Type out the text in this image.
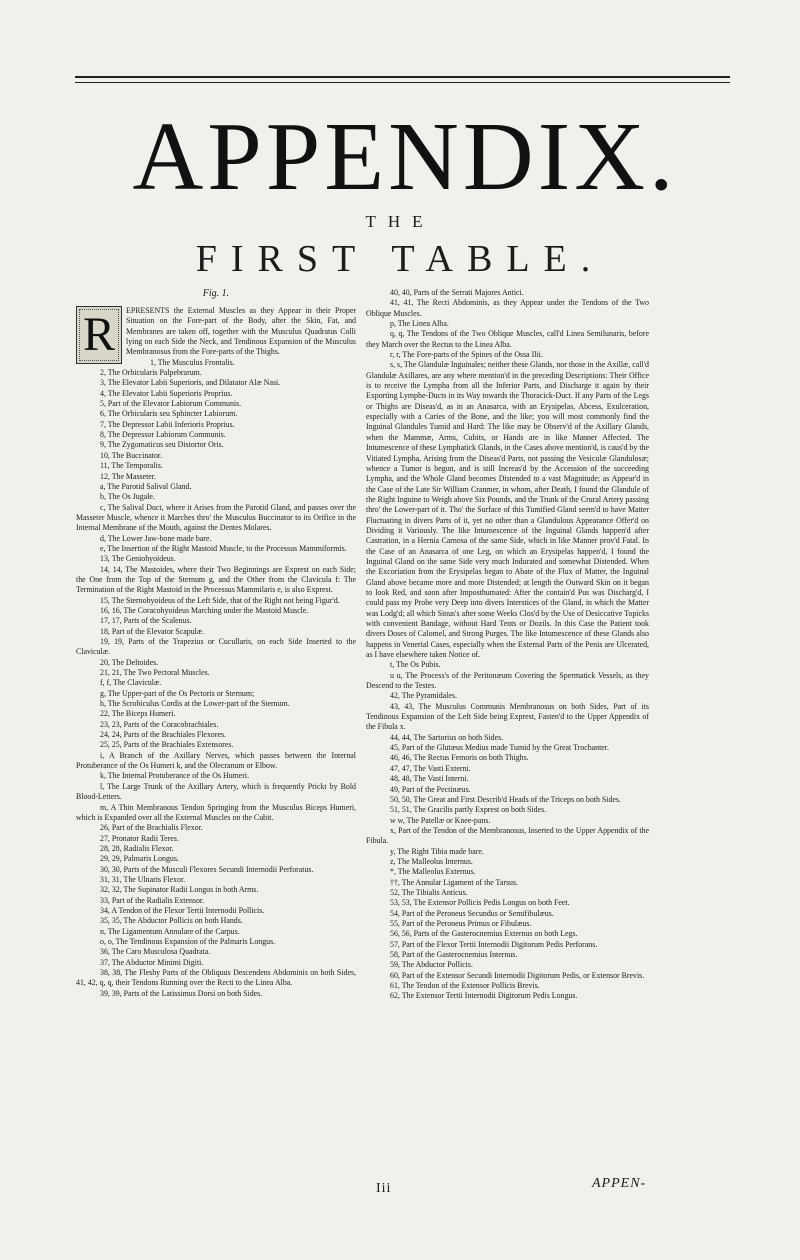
APPENDIX.
THE
FIRST TABLE.
Fig. 1.
R	EPRESENTS the External Muscles as they Appear in their Proper Situation on the Fore-part of the Body, after the Skin, Fat, and Membranes are taken off, together with the Musculus Quadratus Colli lying on each Side the Neck, and Tendinous Expansion of the Musculus Membranosus from the Fore-parts of the Thighs.

1, The Musculus Frontalis.

2, The Orbicularis Palpebrarum.

3, The Elevator Labii Superioris, and Dilatator Alæ Nasi.

4, The Elevator Labii Superioris Proprius.

5, Part of the Elevator Labiorum Communis.

6, The Orbicularis seu Sphincter Labiorum.

7, The Depressor Labii Inferioris Proprius.

8, The Depressor Labiorum Communis.

9, The Zygomaticus seu Distortor Oris.

10, The Buccinator.

11, The Temporalis.

12, The Masseter.

a, The Parotid Salival Gland.

b, The Os Jugale.

c, The Salival Duct, where it Arises from the Parotid Gland, and passes over the Masseter Muscle, whence it Marches thro' the Musculus Buccinator to its Orifice in the Internal Membrane of the Mouth, against the Dentes Molares.

d, The Lower Jaw-bone made bare.

e, The Insertion of the Right Mastoid Muscle, to the Processus Mammiformis.

13, The Geniohyoideus.

14, 14, The Mastoides, where their Two Beginnings are Exprest on each Side; the One from the Top of the Sternum g, and the Other from the Clavicula f: The Termination of the Right Mastoid in the Processus Mammilaris e, is also Exprest.

15, The Sternohyoideus of the Left Side, that of the Right not being Figur'd.

16, 16, The Coracohyoideus Marching under the Mastoid Muscle.

17, 17, Parts of the Scalenus.

18, Part of the Elevator Scapulæ.

19, 19, Parts of the Trapezius or Cucullaris, on each Side Inserted to the Claviculæ.

20, The Deltoides.

21, 21, The Two Pectoral Muscles.

f, f, The Claviculæ.

g, The Upper-part of the Os Pectoris or Sternum;

h, The Scrobiculus Cordis at the Lower-part of the Sternum.

22, The Biceps Humeri.

23, 23, Parts of the Coracobrachiales.

24, 24, Parts of the Brachiales Flexores.

25, 25, Parts of the Brachiales Extensores.

i, A Branch of the Axillary Nerves, which passes between the Internal Protuberance of the Os Humeri k, and the Olecranum or Elbow.

k, The Internal Protuberance of the Os Humeri.

l, The Large Trunk of the Axillary Artery, which is frequently Prickt by Bold Blood-Letters.

m, A Thin Membranous Tendon Springing from the Musculus Biceps Humeri, which is Expanded over all the External Muscles on the Cubit.

26, Part of the Brachialis Flexor.

27, Pronator Radii Teres.

28, 28, Radialis Flexor.

29, 29, Palmaris Longus.

30, 30, Parts of the Musculi Flexores Secundi Internodii Perforatus.

31, 31, The Ulnaris Flexor.

32, 32, The Supinator Radii Longus in both Arms.

33, Part of the Radialis Extensor.

34, A Tendon of the Flexor Tertii Internodii Pollicis.

35, 35, The Abductor Pollicis on both Hands.

n, The Ligamentum Annulare of the Carpus.

o, o, The Tendinous Expansion of the Palmaris Longus.

36, The Caro Musculosa Quadrata.

37, The Abductor Minimi Digiti.

38, 38, The Fleshy Parts of the Obliquus Descendens Abdominis on both Sides, 41, 42, q, q, their Tendons Running over the Recti to the Linea Alba.

39, 39, Parts of the Latissimus Dorsi on both Sides.

40, 40, Parts of the Serrati Majores Antici.

41, 41, The Recti Abdominis, as they Appear under the Tendons of the Two Oblique Muscles.

p, The Linea Alba.

q, q, The Tendons of the Two Oblique Muscles, call'd Linea Semilunaris, before they March over the Rectus to the Linea Alba.

r, r, The Fore-parts of the Spines of the Ossa Ilii.

s, s, The Glandulæ Inguinales; neither these Glands, nor those in the Axillæ, call'd Glandulæ Axillares, are any where mention'd in the preceding Descriptions: Their Office is to receive the Lympha from all the Inferior Parts, and Discharge it again by their Exporting Lymphe-Ducts in its Way towards the Thoracick-Duct. If any Parts of the Legs or Thighs are Diseas'd, as in an Anasarca, with an Erysipelas, Abcess, Exulceration, especially with a Caries of the Bone, and the like; you will most commonly find the Inguinal Glandules Tumid and Hard: The like may be Observ'd of the Axillary Glands, when the Mammæ, Arms, Cubits, or Hands are in like Manner Affected. The Intumescence of these Lymphatick Glands, in the Cases above mention'd, is caus'd by the Vitiated Lympha, Arising from the Diseas'd Parts, not passing the Vesiculæ Glandulosæ; whence a Tumor is begun, and is still Increas'd by the Accession of the succeeding Lympha, and the Whole Gland becomes Distended to a vast Magnitude; as Appear'd in the Case of the Late Sir William Cranmer, in whom, after Death, I found the Glandule of the Right Inguine to Weigh above Six Pounds, and the Trunk of the Crural Artery passing thro' the Lower-part of it. Tho' the Surface of this Tumified Gland seem'd to have Matter Fluctuating in divers Parts of it, yet no other than a Glandulous Appearance Offer'd on Dividing it Variously. The like Intumescence of the Inguinal Glands happen'd after Castration, in a Hernia Carnosa of the same Side, which in like Manner prov'd Fatal. In the Case of an Anasarca of one Leg, on which an Erysipelas happen'd, I found the Inguinal Gland on the same Side very much Indurated and somewhat Distended. When the Excoriation from the Erysipelas began to Abate of the Flux of Matter, the Inguinal Gland above became more and more Distended; at length the Outward Skin on it began to look Red, and soon after Imposthumated: After the contain'd Pus was Discharg'd, I could pass my Probe very Deep into divers Interstices of the Gland, in which the Matter was Lodg'd; all which Sinus's after some Weeks Clos'd by the Use of Desiccative Topicks with convenient Bandage, without Hard Tents or Dozils. In this Case the Patient took divers Doses of Calomel, and Strong Purges. The like Intumescence of these Glands also happens in Venerial Cases, especially when the External Parts of the Penis are Ulcerated, as I have elsewhere taken Notice of.

t, The Os Pubis.

u u, The Process's of the Peritonæum Covering the Spermatick Vessels, as they Descend to the Testes.

42, The Pyramidales.

43, 43, The Musculus Communis Membranosus on both Sides, Part of its Tendinous Expansion of the Left Side being Exprest, Fasten'd to the Upper Appendix of the Fibula x.

44, 44, The Sartorius on both Sides.

45, Part of the Glutæus Medius made Tumid by the Great Trochanter.

46, 46, The Rectus Femoris on both Thighs.

47, 47, The Vasti Externi.

48, 48, The Vasti Interni.

49, Part of the Pectinæus.

50, 50, The Great and First Describ'd Heads of the Triceps on both Sides.

51, 51, The Gracilis partly Exprest on both Sides.

w w, The Patellæ or Knee-pans.

x, Part of the Tendon of the Membranosus, Inserted to the Upper Appendix of the Fibula.

y, The Right Tibia made bare.

z, The Malleolus Internus.

*, The Malleolus Externus.

††, The Annular Ligament of the Tarsus.

52, The Tibialis Anticus.

53, 53, The Extensor Pollicis Pedis Longus on both Feet.

54, Part of the Peroneus Secundus or Semifibulæus.

55, Part of the Peroneus Primus or Fibulæus.

56, 56, Parts of the Gasterocnemius Externus on both Legs.

57, Part of the Flexor Tertii Internodii Digitorum Pedis Perforans.

58, Part of the Gasterocnemius Internus.

59, The Abductor Pollicis.

60, Part of the Extensor Secundi Internodii Digitorum Pedis, or Extensor Brevis.

61, The Tendon of the Extensor Pollicis Brevis.

62, The Extensor Tertii Internodii Digitorum Pedis Longus.

Iii	APPEN-
